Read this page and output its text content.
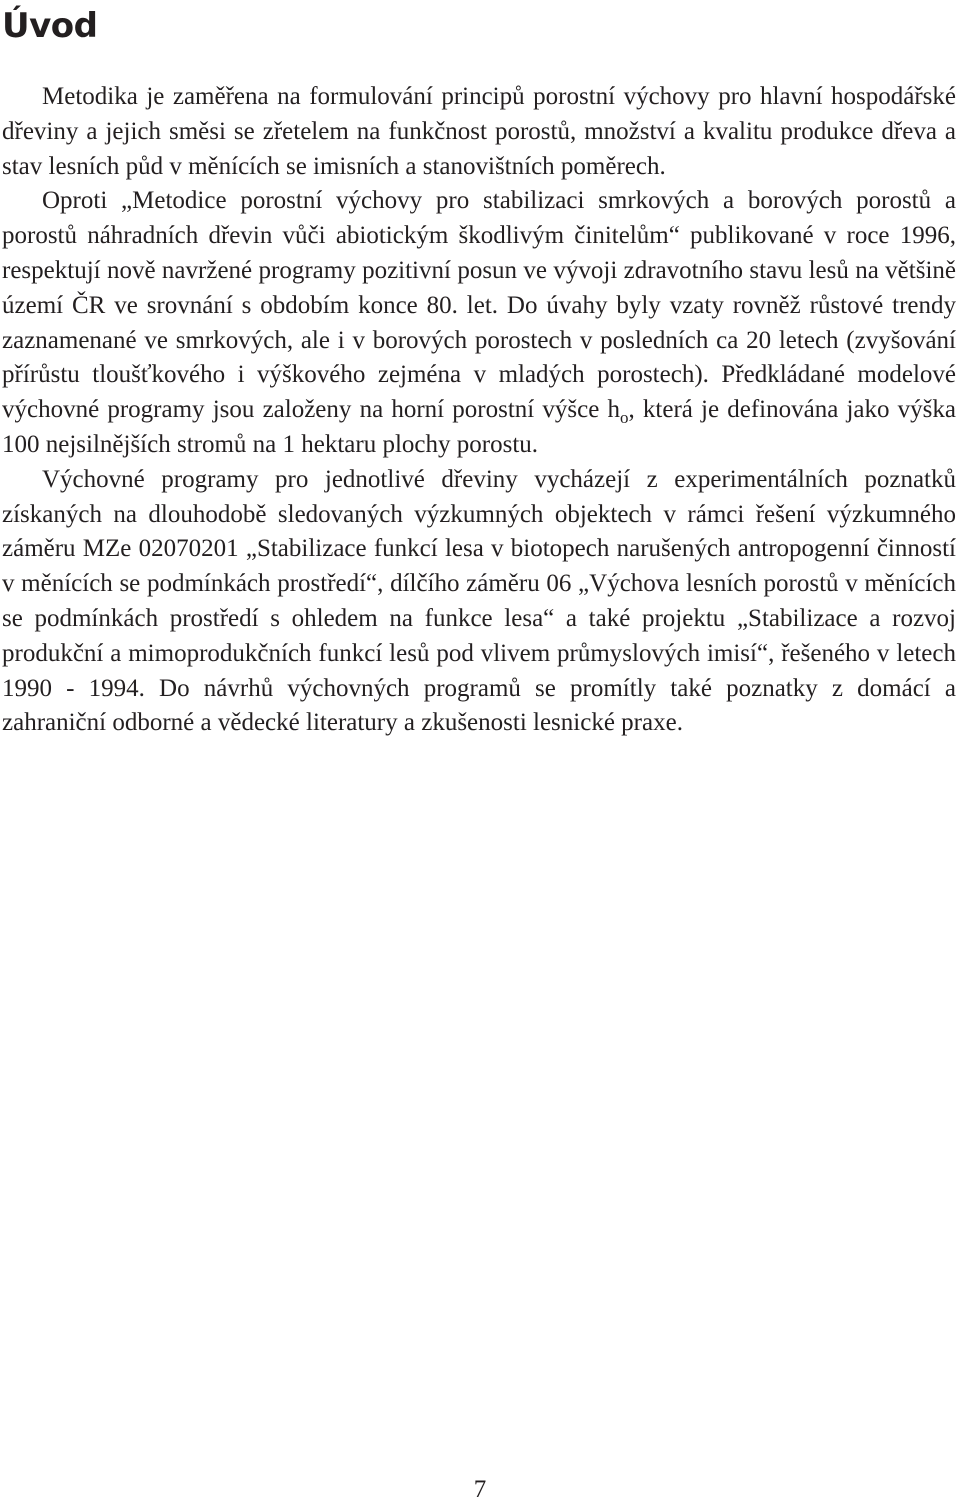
Úvod

Metodika je zaměřena na formulování principů porostní výchovy pro hlavní hospodářské dřeviny a jejich směsi se zřetelem na funkčnost porostů, množství a kvalitu produkce dřeva a stav lesních půd v měnících se imisních a stanovištních poměrech.

Oproti „Metodice porostní výchovy pro stabilizaci smrkových a borových porostů a porostů náhradních dřevin vůči abiotickým škodlivým činitelům“ publikované v roce 1996, respektují nově navržené programy pozitivní posun ve vývoji zdravotního stavu lesů na většině území ČR ve srovnání s obdobím konce 80. let. Do úvahy byly vzaty rovněž růstové trendy zaznamenané ve smrkových, ale i v borových porostech v posledních ca 20 letech (zvyšování přírůstu tloušťkového i výškového zejména v mladých porostech). Předkládané modelové výchovné programy jsou založeny na horní porostní výšce $h_o$, která je definována jako výška 100 nejsilnějších stromů na 1 hektaru plochy porostu.

Výchovné programy pro jednotlivé dřeviny vycházejí z experimentálních poznatků získaných na dlouhodobě sledovaných výzkumných objektech v rámci řešení výzkumného záměru MZe 02070201 „Stabilizace funkcí lesa v biotopech narušených antropogenní činností v měnících se podmínkách prostředí“, dílčího záměru 06 „Výchova lesních porostů v měnících se podmínkách prostředí s ohledem na funkce lesa“ a také projektu „Stabilizace a rozvoj produkční a mimoprodukčních funkcí lesů pod vlivem průmyslových imisí“, řešeného v letech 1990 - 1994. Do návrhů výchovných programů se promítly také poznatky z domácí a zahraniční odborné a vědecké literatury a zkušenosti lesnické praxe.

7
